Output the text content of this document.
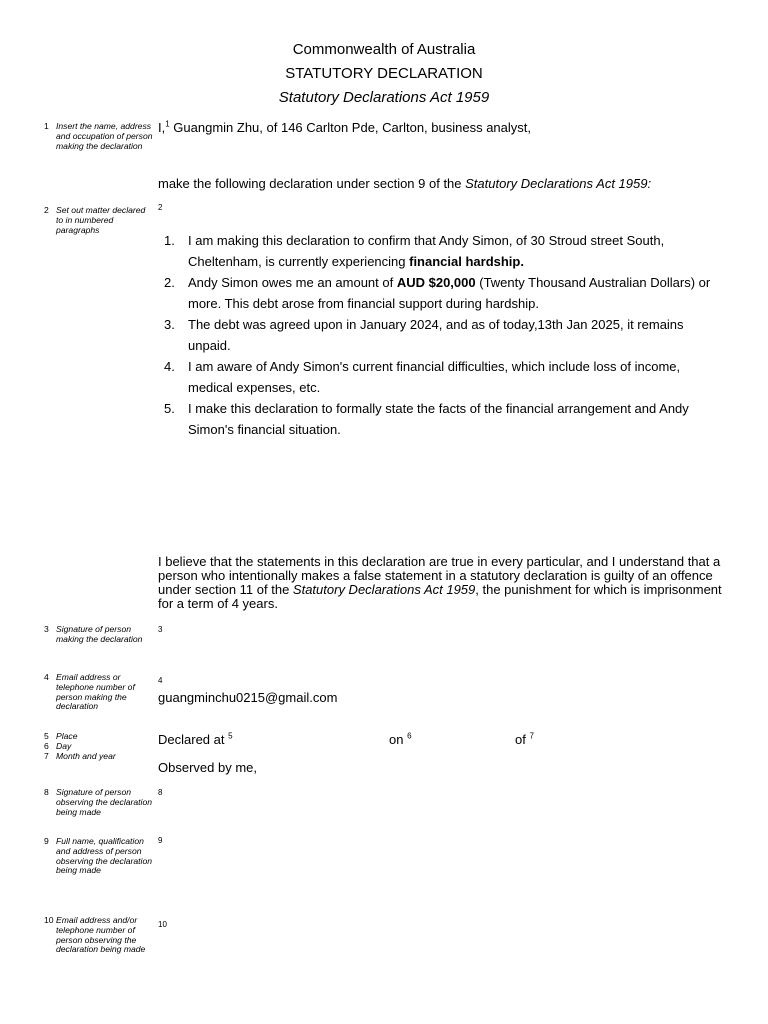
Commonwealth of Australia
STATUTORY DECLARATION
Statutory Declarations Act 1959
1 Insert the name, address and occupation of person making the declaration
2 Set out matter declared to in numbered paragraphs
3 Signature of person making the declaration
4 Email address or telephone number of person making the declaration
5 Place
6 Day
7 Month and year
8 Signature of person observing the declaration being made
9 Full name, qualification and address of person observing the declaration being made
10 Email address and/or telephone number of person observing the declaration being made
I,$^1$ Guangmin Zhu, of 146 Carlton Pde, Carlton, business analyst,
make the following declaration under section 9 of the Statutory Declarations Act 1959:
2
1. I am making this declaration to confirm that Andy Simon, of 30 Stroud street South, Cheltenham, is currently experiencing financial hardship.
2. Andy Simon owes me an amount of AUD $20,000 (Twenty Thousand Australian Dollars) or more. This debt arose from financial support during hardship.
3. The debt was agreed upon in January 2024, and as of today,13th Jan 2025, it remains unpaid.
4. I am aware of Andy Simon's current financial difficulties, which include loss of income, medical expenses, etc.
5. I make this declaration to formally state the facts of the financial arrangement and Andy Simon's financial situation.
I believe that the statements in this declaration are true in every particular, and I understand that a person who intentionally makes a false statement in a statutory declaration is guilty of an offence under section 11 of the Statutory Declarations Act 1959, the punishment for which is imprisonment for a term of 4 years.
3
4
guangminchu0215@gmail.com
Declared at $^5$	on $^6$	of $^7$
Observed by me,
8
9
10
